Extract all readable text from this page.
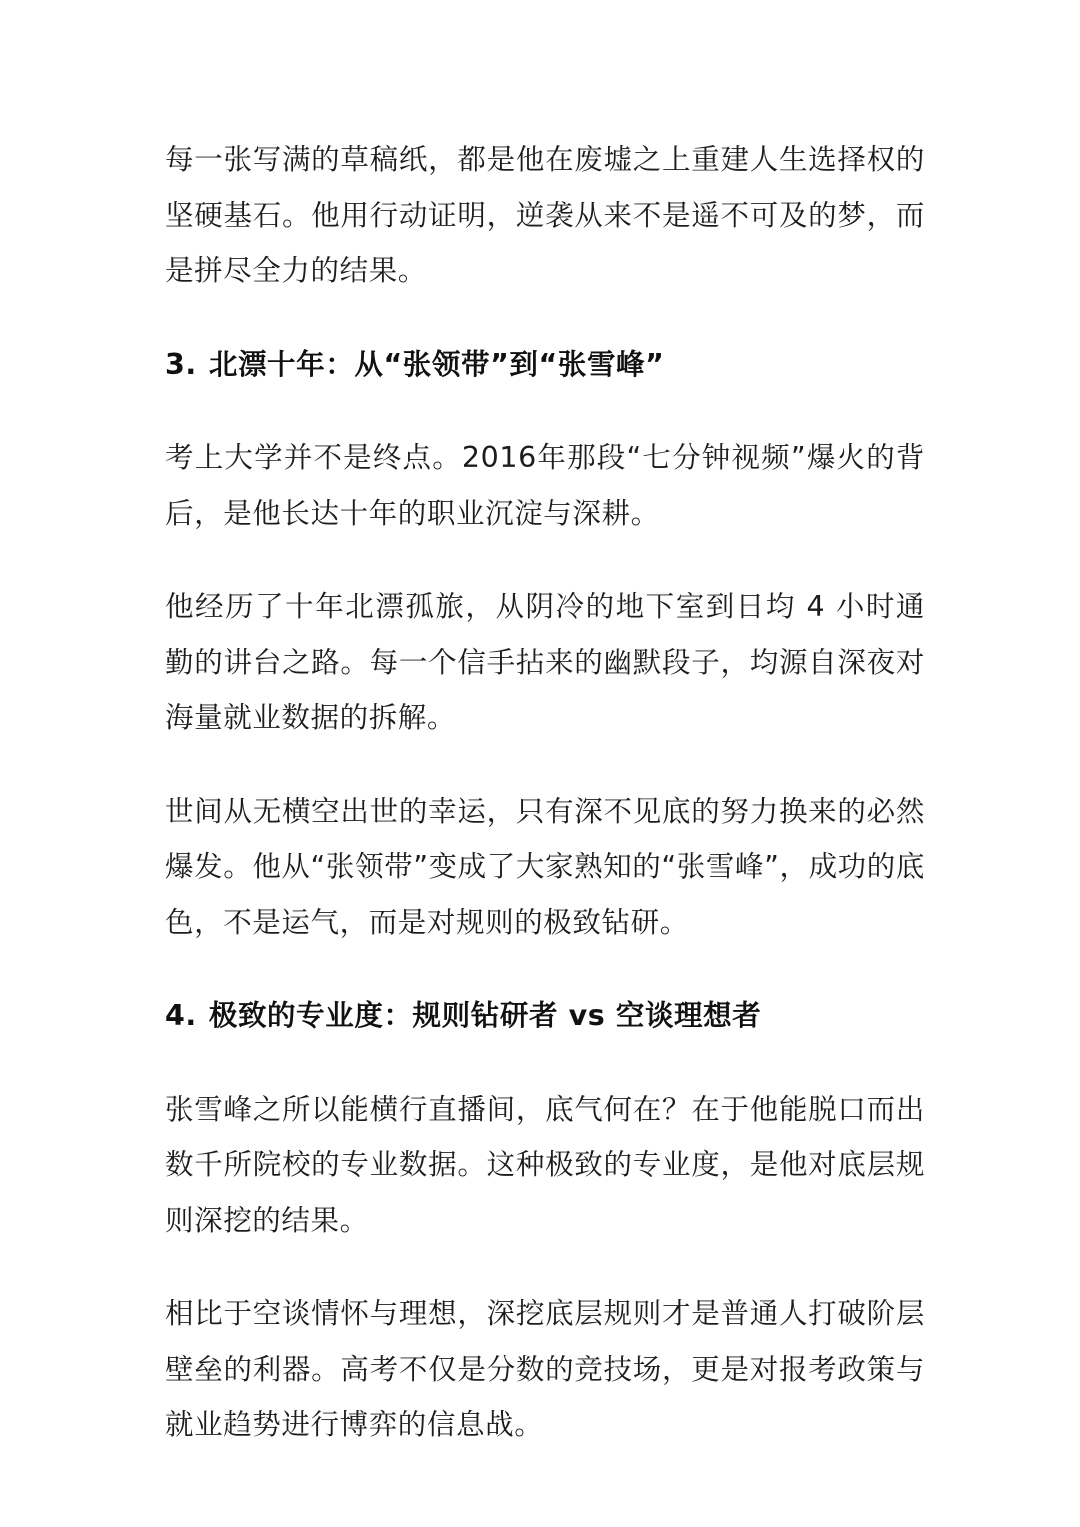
每一张写满的草稿纸，都是他在废墟之上重建人生选择权的坚硬基石。他用行动证明，逆袭从来不是遥不可及的梦，而是拼尽全力的结果。

3. 北漂十年：从“张领带”到“张雪峰”

考上大学并不是终点。2016年那段“七分钟视频”爆火的背后，是他长达十年的职业沉淀与深耕。

他经历了十年北漂孤旅，从阴冷的地下室到日均 4 小时通勤的讲台之路。每一个信手拈来的幽默段子，均源自深夜对海量就业数据的拆解。

世间从无横空出世的幸运，只有深不见底的努力换来的必然爆发。他从“张领带”变成了大家熟知的“张雪峰”，成功的底色，不是运气，而是对规则的极致钻研。

4. 极致的专业度：规则钻研者 vs 空谈理想者

张雪峰之所以能横行直播间，底气何在？在于他能脱口而出数千所院校的专业数据。这种极致的专业度，是他对底层规则深挖的结果。

相比于空谈情怀与理想，深挖底层规则才是普通人打破阶层壁垒的利器。高考不仅是分数的竞技场，更是对报考政策与就业趋势进行博弈的信息战。
